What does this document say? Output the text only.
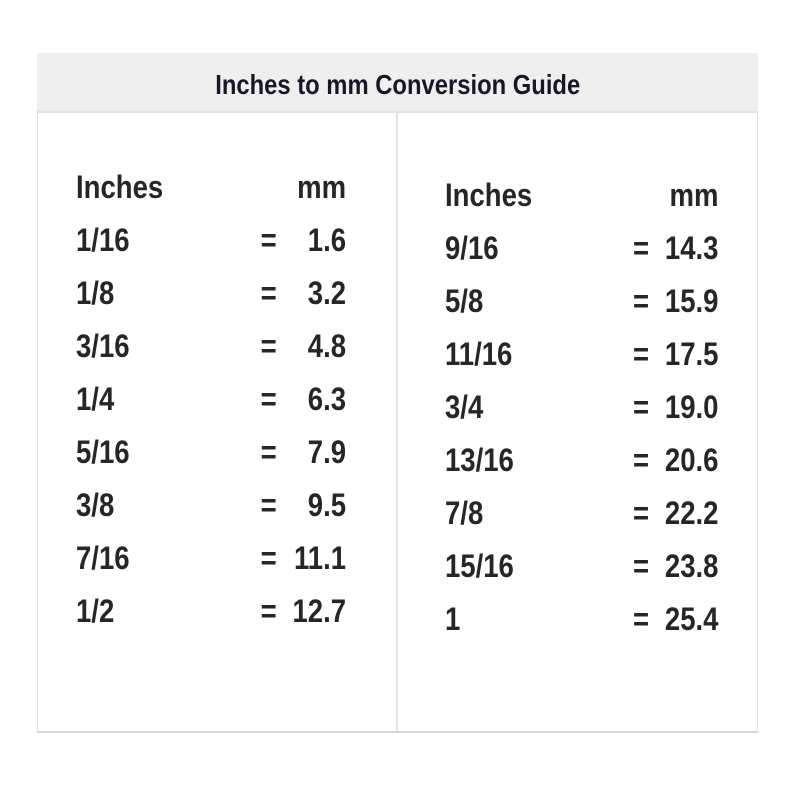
Inches to mm Conversion Guide
Inches	mm
1/16	= 1.6
1/8	= 3.2
3/16	= 4.8
1/4	= 6.3
5/16	= 7.9
3/8	= 9.5
7/16	= 11.1
1/2	= 12.7
Inches	mm
9/16	= 14.3
5/8	= 15.9
11/16	= 17.5
3/4	= 19.0
13/16	= 20.6
7/8	= 22.2
15/16	= 23.8
1	= 25.4
